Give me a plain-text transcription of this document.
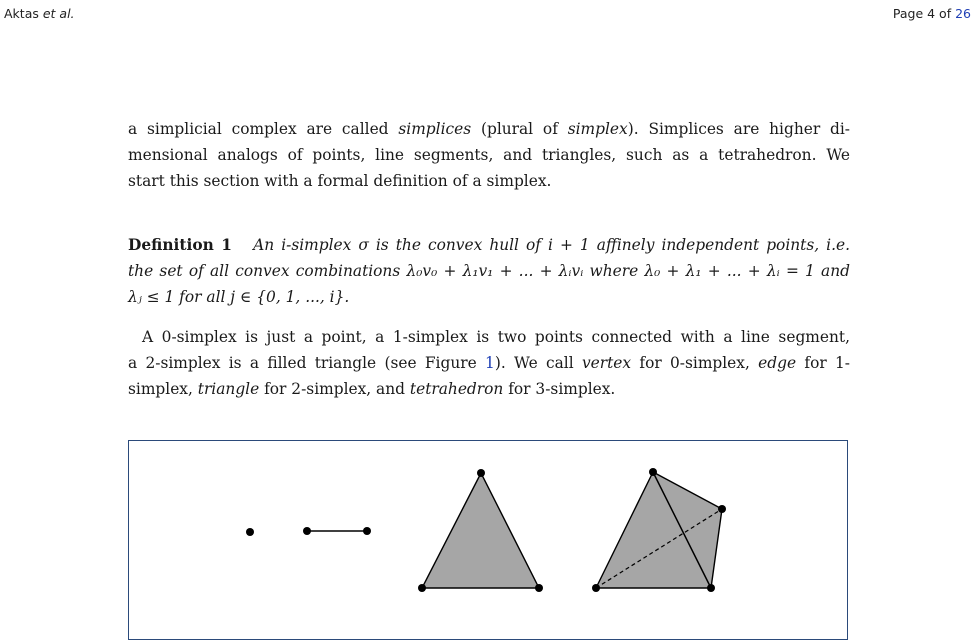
Aktas et al.	Page 4 of 26
a simplicial complex are called simplices (plural of simplex). Simplices are higher di-
mensional analogs of points, line segments, and triangles, such as a tetrahedron. We
start this section with a formal definition of a simplex.
Definition 1 An i-simplex σ is the convex hull of i + 1 affinely independent points, i.e.
the set of all convex combinations λ₀v₀ + λ₁v₁ + ... + λᵢvᵢ where λ₀ + λ₁ + ... + λᵢ = 1 and
λⱼ ≤ 1 for all j ∈ {0, 1, ..., i}.
A 0-simplex is just a point, a 1-simplex is two points connected with a line segment,
a 2-simplex is a filled triangle (see Figure 1). We call vertex for 0-simplex, edge for 1-
simplex, triangle for 2-simplex, and tetrahedron for 3-simplex.
